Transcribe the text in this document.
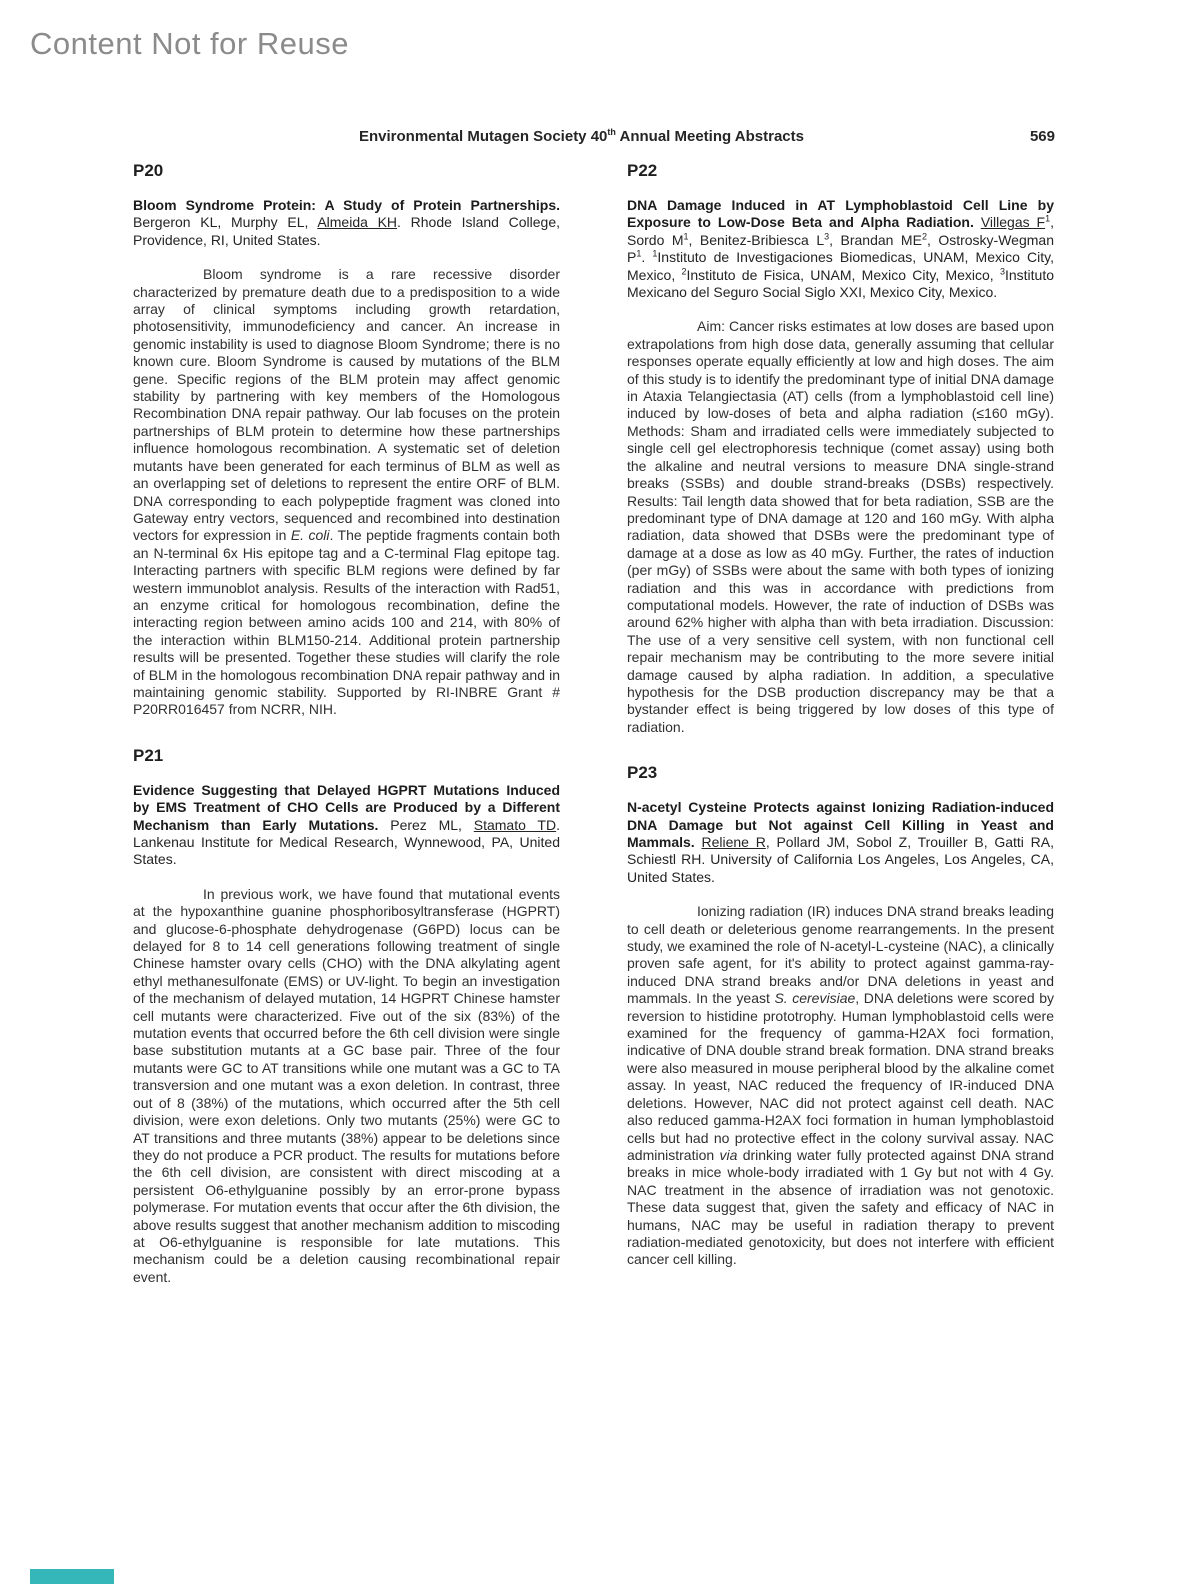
Content Not for Reuse
Environmental Mutagen Society 40th Annual Meeting Abstracts	569
P20

Bloom Syndrome Protein: A Study of Protein Partnerships. Bergeron KL, Murphy EL, Almeida KH. Rhode Island College, Providence, RI, United States.

Bloom syndrome is a rare recessive disorder characterized by premature death due to a predisposition to a wide array of clinical symptoms including growth retardation, photosensitivity, immunodeficiency and cancer. An increase in genomic instability is used to diagnose Bloom Syndrome; there is no known cure. Bloom Syndrome is caused by mutations of the BLM gene. Specific regions of the BLM protein may affect genomic stability by partnering with key members of the Homologous Recombination DNA repair pathway. Our lab focuses on the protein partnerships of BLM protein to determine how these partnerships influence homologous recombination. A systematic set of deletion mutants have been generated for each terminus of BLM as well as an overlapping set of deletions to represent the entire ORF of BLM. DNA corresponding to each polypeptide fragment was cloned into Gateway entry vectors, sequenced and recombined into destination vectors for expression in E. coli. The peptide fragments contain both an N-terminal 6x His epitope tag and a C-terminal Flag epitope tag. Interacting partners with specific BLM regions were defined by far western immunoblot analysis. Results of the interaction with Rad51, an enzyme critical for homologous recombination, define the interacting region between amino acids 100 and 214, with 80% of the interaction within BLM150-214. Additional protein partnership results will be presented. Together these studies will clarify the role of BLM in the homologous recombination DNA repair pathway and in maintaining genomic stability. Supported by RI-INBRE Grant # P20RR016457 from NCRR, NIH.

P21

Evidence Suggesting that Delayed HGPRT Mutations Induced by EMS Treatment of CHO Cells are Produced by a Different Mechanism than Early Mutations. Perez ML, Stamato TD. Lankenau Institute for Medical Research, Wynnewood, PA, United States.

In previous work, we have found that mutational events at the hypoxanthine guanine phosphoribosyltransferase (HGPRT) and glucose-6-phosphate dehydrogenase (G6PD) locus can be delayed for 8 to 14 cell generations following treatment of single Chinese hamster ovary cells (CHO) with the DNA alkylating agent ethyl methanesulfonate (EMS) or UV-light. To begin an investigation of the mechanism of delayed mutation, 14 HGPRT Chinese hamster cell mutants were characterized. Five out of the six (83%) of the mutation events that occurred before the 6th cell division were single base substitution mutants at a GC base pair. Three of the four mutants were GC to AT transitions while one mutant was a GC to TA transversion and one mutant was a exon deletion. In contrast, three out of 8 (38%) of the mutations, which occurred after the 5th cell division, were exon deletions. Only two mutants (25%) were GC to AT transitions and three mutants (38%) appear to be deletions since they do not produce a PCR product. The results for mutations before the 6th cell division, are consistent with direct miscoding at a persistent O6-ethylguanine possibly by an error-prone bypass polymerase. For mutation events that occur after the 6th division, the above results suggest that another mechanism addition to miscoding at O6-ethylguanine is responsible for late mutations. This mechanism could be a deletion causing recombinational repair event.

P22

DNA Damage Induced in AT Lymphoblastoid Cell Line by Exposure to Low-Dose Beta and Alpha Radiation. Villegas $F^1$, Sordo $M^1$, Benitez-Bribiesca $L^3$, Brandan $ME^2$, Ostrosky-Wegman $P^1$. $^1$Instituto de Investigaciones Biomedicas, UNAM, Mexico City, Mexico, $^2$Instituto de Fisica, UNAM, Mexico City, Mexico, $^3$Instituto Mexicano del Seguro Social Siglo XXI, Mexico City, Mexico.

Aim: Cancer risks estimates at low doses are based upon extrapolations from high dose data, generally assuming that cellular responses operate equally efficiently at low and high doses. The aim of this study is to identify the predominant type of initial DNA damage in Ataxia Telangiectasia (AT) cells (from a lymphoblastoid cell line) induced by low-doses of beta and alpha radiation (≤160 mGy). Methods: Sham and irradiated cells were immediately subjected to single cell gel electrophoresis technique (comet assay) using both the alkaline and neutral versions to measure DNA single-strand breaks (SSBs) and double strand-breaks (DSBs) respectively. Results: Tail length data showed that for beta radiation, SSB are the predominant type of DNA damage at 120 and 160 mGy. With alpha radiation, data showed that DSBs were the predominant type of damage at a dose as low as 40 mGy. Further, the rates of induction (per mGy) of SSBs were about the same with both types of ionizing radiation and this was in accordance with predictions from computational models. However, the rate of induction of DSBs was around 62% higher with alpha than with beta irradiation. Discussion: The use of a very sensitive cell system, with non functional cell repair mechanism may be contributing to the more severe initial damage caused by alpha radiation. In addition, a speculative hypothesis for the DSB production discrepancy may be that a bystander effect is being triggered by low doses of this type of radiation.

P23

N-acetyl Cysteine Protects against Ionizing Radiation-induced DNA Damage but Not against Cell Killing in Yeast and Mammals. Reliene R, Pollard JM, Sobol Z, Trouiller B, Gatti RA, Schiestl RH. University of California Los Angeles, Los Angeles, CA, United States.

Ionizing radiation (IR) induces DNA strand breaks leading to cell death or deleterious genome rearrangements. In the present study, we examined the role of N-acetyl-L-cysteine (NAC), a clinically proven safe agent, for it's ability to protect against gamma-ray-induced DNA strand breaks and/or DNA deletions in yeast and mammals. In the yeast S. cerevisiae, DNA deletions were scored by reversion to histidine prototrophy. Human lymphoblastoid cells were examined for the frequency of gamma-H2AX foci formation, indicative of DNA double strand break formation. DNA strand breaks were also measured in mouse peripheral blood by the alkaline comet assay. In yeast, NAC reduced the frequency of IR-induced DNA deletions. However, NAC did not protect against cell death. NAC also reduced gamma-H2AX foci formation in human lymphoblastoid cells but had no protective effect in the colony survival assay. NAC administration via drinking water fully protected against DNA strand breaks in mice whole-body irradiated with 1 Gy but not with 4 Gy. NAC treatment in the absence of irradiation was not genotoxic. These data suggest that, given the safety and efficacy of NAC in humans, NAC may be useful in radiation therapy to prevent radiation-mediated genotoxicity, but does not interfere with efficient cancer cell killing.
